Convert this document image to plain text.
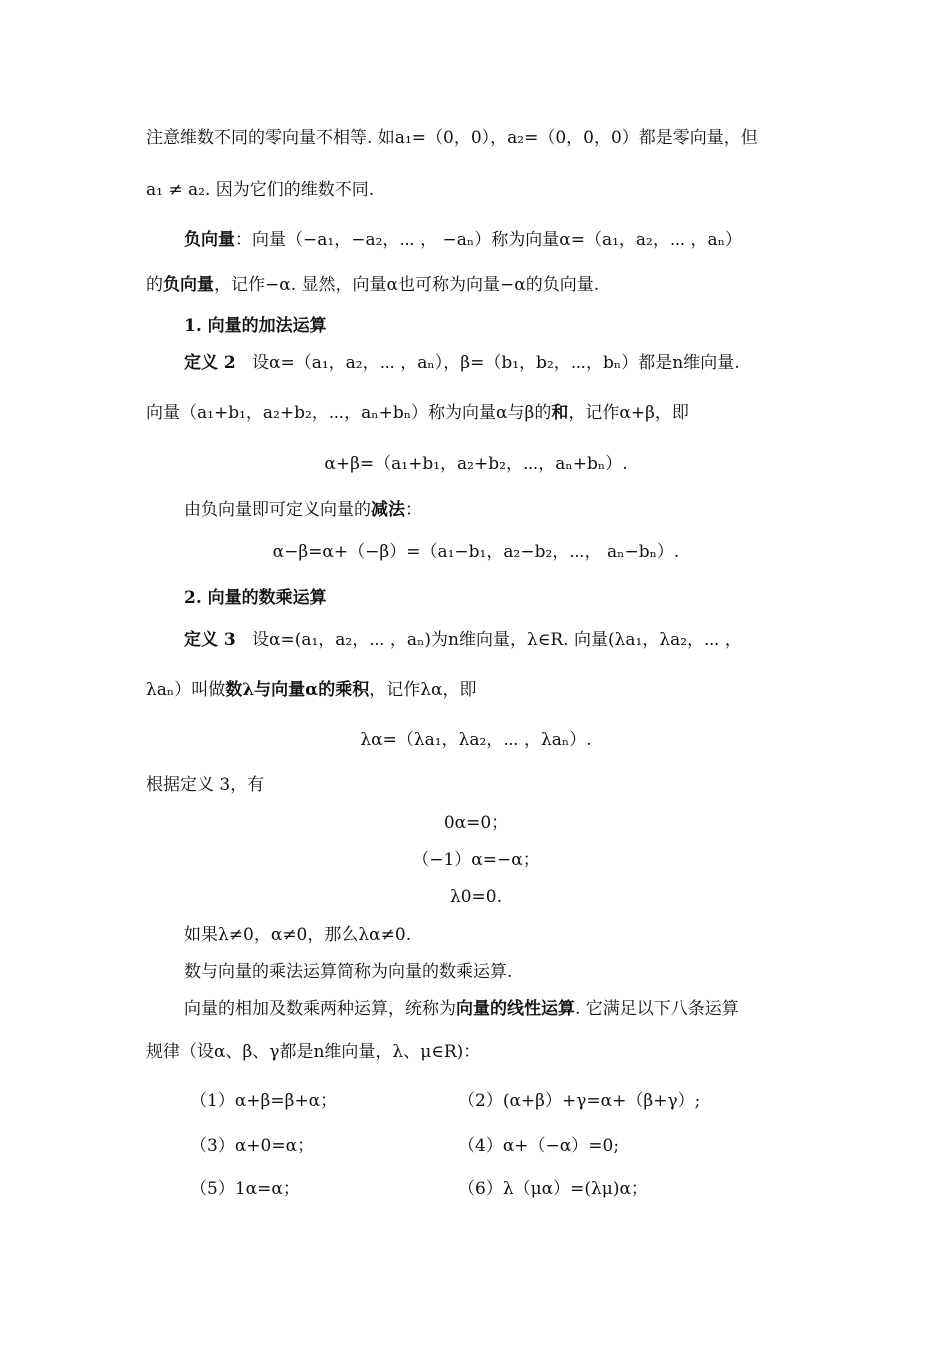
注意维数不同的零向量不相等. 如a₁=（0，0），a₂=（0，0，0）都是零向量，但
a₁ ≠ a₂. 因为它们的维数不同.
负向量：向量（−a₁，−a₂，⋯ ， −aₙ）称为向量α=（a₁，a₂，⋯ ，aₙ）
的负向量，记作−α. 显然，向量α也可称为向量−α的负向量.
1. 向量的加法运算
定义 2 设α=（a₁，a₂，⋯ ，aₙ），β=（b₁，b₂，⋯，bₙ）都是n维向量.
向量（a₁+b₁，a₂+b₂，⋯，aₙ+bₙ）称为向量α与β的和，记作α+β，即
α+β=（a₁+b₁，a₂+b₂，⋯，aₙ+bₙ）.
由负向量即可定义向量的减法：
α−β=α+（−β）=（a₁−b₁，a₂−b₂，⋯， aₙ−bₙ）.
2. 向量的数乘运算
定义 3 设α=(a₁，a₂，⋯ ，aₙ)为n维向量，λ∈R. 向量(λa₁，λa₂，⋯ ，
λaₙ）叫做数λ与向量α的乘积，记作λα，即
λα=（λa₁，λa₂，⋯ ，λaₙ）.
根据定义 3，有
0α=0；
（−1）α=−α；
λ0=0.
如果λ≠0，α≠0，那么λα≠0.
数与向量的乘法运算简称为向量的数乘运算.
向量的相加及数乘两种运算，统称为向量的线性运算. 它满足以下八条运算
规律（设α、β、γ都是n维向量，λ、μ∈R)：
（1）α+β=β+α；	（2）(α+β）+γ=α+（β+γ）;
（3）α+0=α；	（4）α+（−α）=0;
（5）1α=α；	（6）λ（μα）=(λμ)α；
